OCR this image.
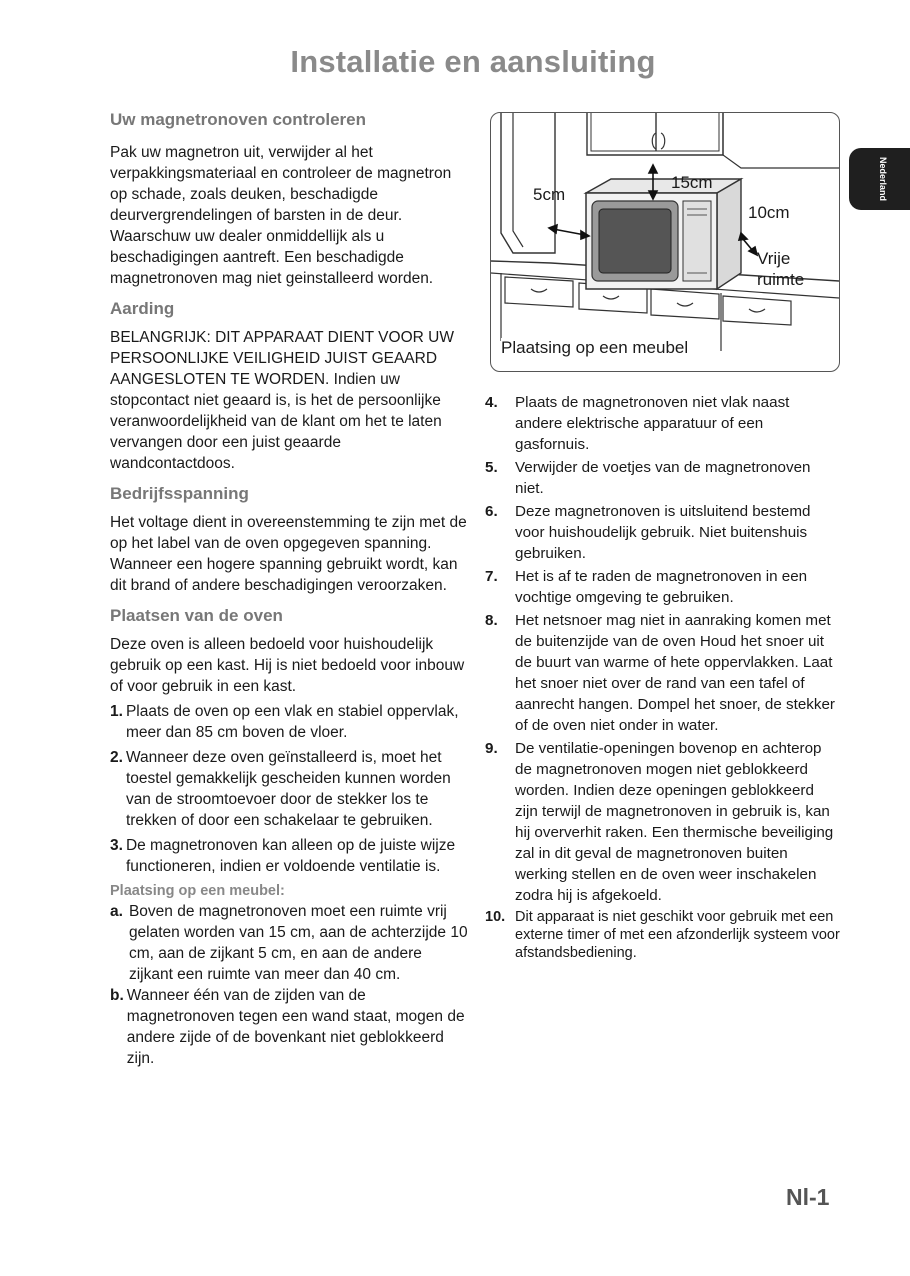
Installatie en aansluiting
Nederland
Uw magnetronoven controleren

Pak uw magnetron uit, verwijder al het verpakkingsmateriaal en controleer de magnetron op schade, zoals deuken, beschadigde deurvergrendelingen of barsten in de deur. Waarschuw uw dealer onmiddellijk als u beschadigingen aantreft. Een beschadigde magnetronoven mag niet geinstalleerd worden.

Aarding

BELANGRIJK: DIT APPARAAT DIENT VOOR UW PERSOONLIJKE VEILIGHEID JUIST GEAARD AANGESLOTEN TE WORDEN. Indien uw stopcontact niet geaard is, is het de persoonlijke veranwoordelijkheid van de klant om het te laten vervangen door een juist geaarde wandcontactdoos.

Bedrijfsspanning

Het voltage dient in overeenstemming te zijn met de op het label van de oven opgegeven spanning. Wanneer een hogere spanning gebruikt wordt, kan dit brand of andere beschadigingen veroorzaken.

Plaatsen van de oven

Deze oven is alleen bedoeld voor huishoudelijk gebruik op een kast. Hij is niet bedoeld voor inbouw of voor gebruik in een kast.

1. Plaats de oven op een vlak en stabiel oppervlak, meer dan 85 cm boven de vloer.
2. Wanneer deze oven geïnstalleerd is, moet het toestel gemakkelijk gescheiden kunnen worden van de stroomtoevoer door de stekker los te trekken of door een schakelaar te gebruiken.
3. De magnetronoven kan alleen op de juiste wijze functioneren, indien er voldoende ventilatie is.
Plaatsing op een meubel:
a. Boven de magnetronoven moet een ruimte vrij gelaten worden van 15 cm, aan de achterzijde 10 cm, aan de zijkant 5 cm, en aan de andere zijkant een ruimte van meer dan 40 cm.
b. Wanneer één van de zijden van de magnetronoven tegen een wand staat, mogen de andere zijde of de bovenkant niet geblokkeerd zijn.
15cm
5cm
10cm
Vrije
ruimte
Plaatsing op een meubel
4.	Plaats de magnetronoven niet vlak naast andere elektrische apparatuur of een gasfornuis.
5.	Verwijder de voetjes van de magnetronoven niet.
6.	Deze magnetronoven is uitsluitend bestemd voor huishoudelijk gebruik. Niet buitenshuis gebruiken.
7.	Het is af te raden de magnetronoven in een vochtige omgeving te gebruiken.
8.	Het netsnoer mag niet in aanraking komen met de buitenzijde van de oven Houd het snoer uit de buurt van warme of hete oppervlakken. Laat het snoer niet over de rand van een tafel of aanrecht hangen. Dompel het snoer, de stekker of de oven niet onder in water.
9.	De ventilatie-openingen bovenop en achterop de magnetronoven mogen niet geblokkeerd worden. Indien deze openingen geblokkeerd zijn terwijl de magnetronoven in gebruik is, kan hij oververhit raken. Een thermische beveiliging zal in dit geval de magnetronoven buiten werking stellen en de oven weer inschakelen zodra hij is afgekoeld.
10. Dit apparaat is niet geschikt voor gebruik met een externe timer of met een afzonderlijk systeem voor afstandsbediening.
Nl-1
